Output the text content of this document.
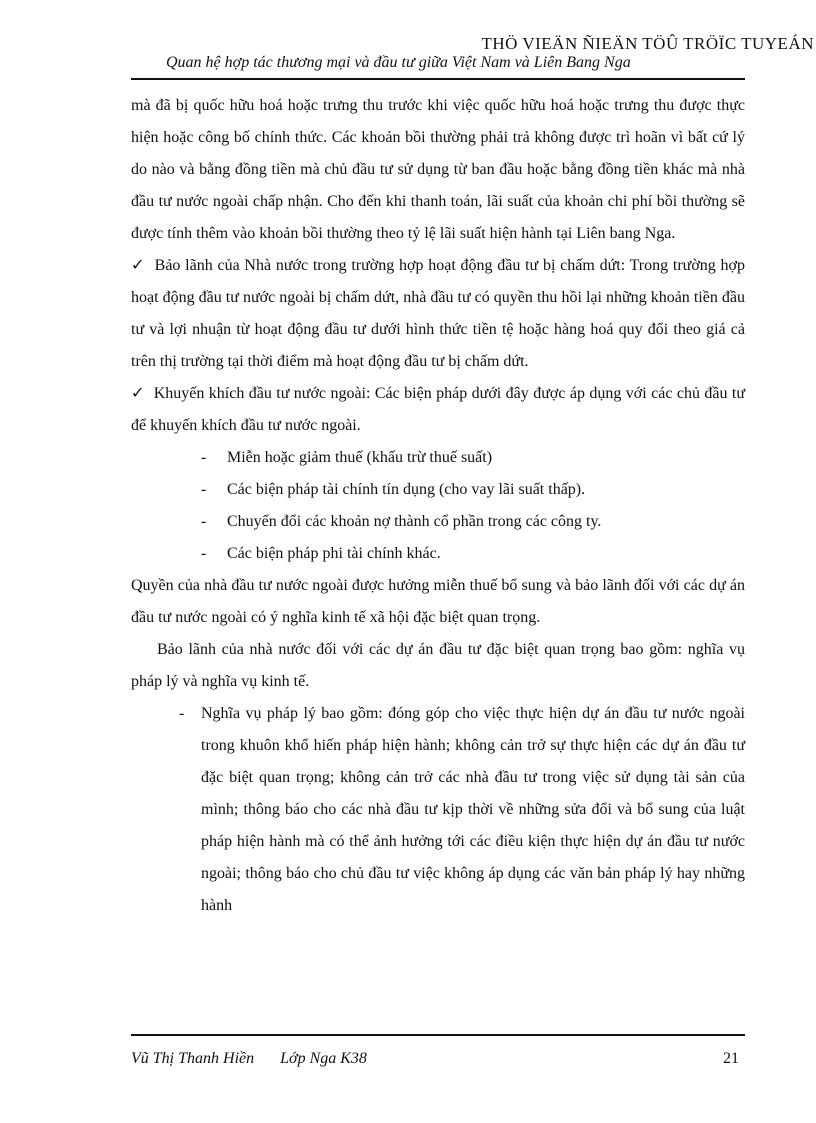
THÖ VIEÄN ÑIEÄN TÖÛ TRÖÏC TUYEÁN
Quan hệ hợp tác thương mại và đầu tư giữa Việt Nam và Liên Bang Nga

mà đã bị quốc hữu hoá hoặc trưng thu trước khi việc quốc hữu hoá hoặc trưng thu được thực hiện hoặc công bố chính thức. Các khoản bồi thường phải trả không được trì hoãn vì bất cứ lý do nào và bằng đồng tiền mà chủ đầu tư sử dụng từ ban đầu hoặc bằng đồng tiền khác mà nhà đầu tư nước ngoài chấp nhận. Cho đến khi thanh toán, lãi suất của khoản chi phí bồi thường sẽ được tính thêm vào khoản bồi thường theo tỷ lệ lãi suất hiện hành tại Liên bang Nga.

✓  Bảo lãnh của Nhà nước trong trường hợp hoạt động đầu tư bị chấm dứt: Trong trường hợp hoạt động đầu tư nước ngoài bị chấm dứt, nhà đầu tư có quyền thu hồi lại những khoản tiền đầu tư và lợi nhuận từ hoạt động đầu tư dưới hình thức tiền tệ hoặc hàng hoá quy đổi theo giá cả trên thị trường tại thời điểm mà hoạt động đầu tư bị chấm dứt.

✓  Khuyến khích đầu tư nước ngoài: Các biện pháp dưới đây được áp dụng với các chủ đầu tư để khuyến khích đầu tư nước ngoài.

- Miễn hoặc giảm thuế (khấu trừ thuế suất)
- Các biện pháp tài chính tín dụng (cho vay lãi suất thấp).
- Chuyển đổi các khoản nợ thành cổ phần trong các công ty.
- Các biện pháp phi tài chính khác.

Quyền của nhà đầu tư nước ngoài được hưởng miễn thuế bổ sung và bảo lãnh đối với các dự án đầu tư nước ngoài có ý nghĩa kinh tế xã hội đặc biệt quan trọng.

Bảo lãnh của nhà nước đối với các dự án đầu tư đặc biệt quan trọng bao gồm: nghĩa vụ pháp lý và nghĩa vụ kinh tế.

- Nghĩa vụ pháp lý bao gồm: đóng góp cho việc thực hiện dự án đầu tư nước ngoài trong khuôn khổ hiến pháp hiện hành; không cản trở sự thực hiện các dự án đầu tư đặc biệt quan trọng; không cản trở các nhà đầu tư trong việc sử dụng tài sản của mình; thông báo cho các nhà đầu tư kịp thời về những sửa đổi và bổ sung của luật pháp hiện hành mà có thể ảnh hưởng tới các điều kiện thực hiện dự án đầu tư nước ngoài; thông báo cho chủ đầu tư việc không áp dụng các văn bản pháp lý hay những hành

Vũ Thị Thanh Hiền Lớp Nga K38	21
